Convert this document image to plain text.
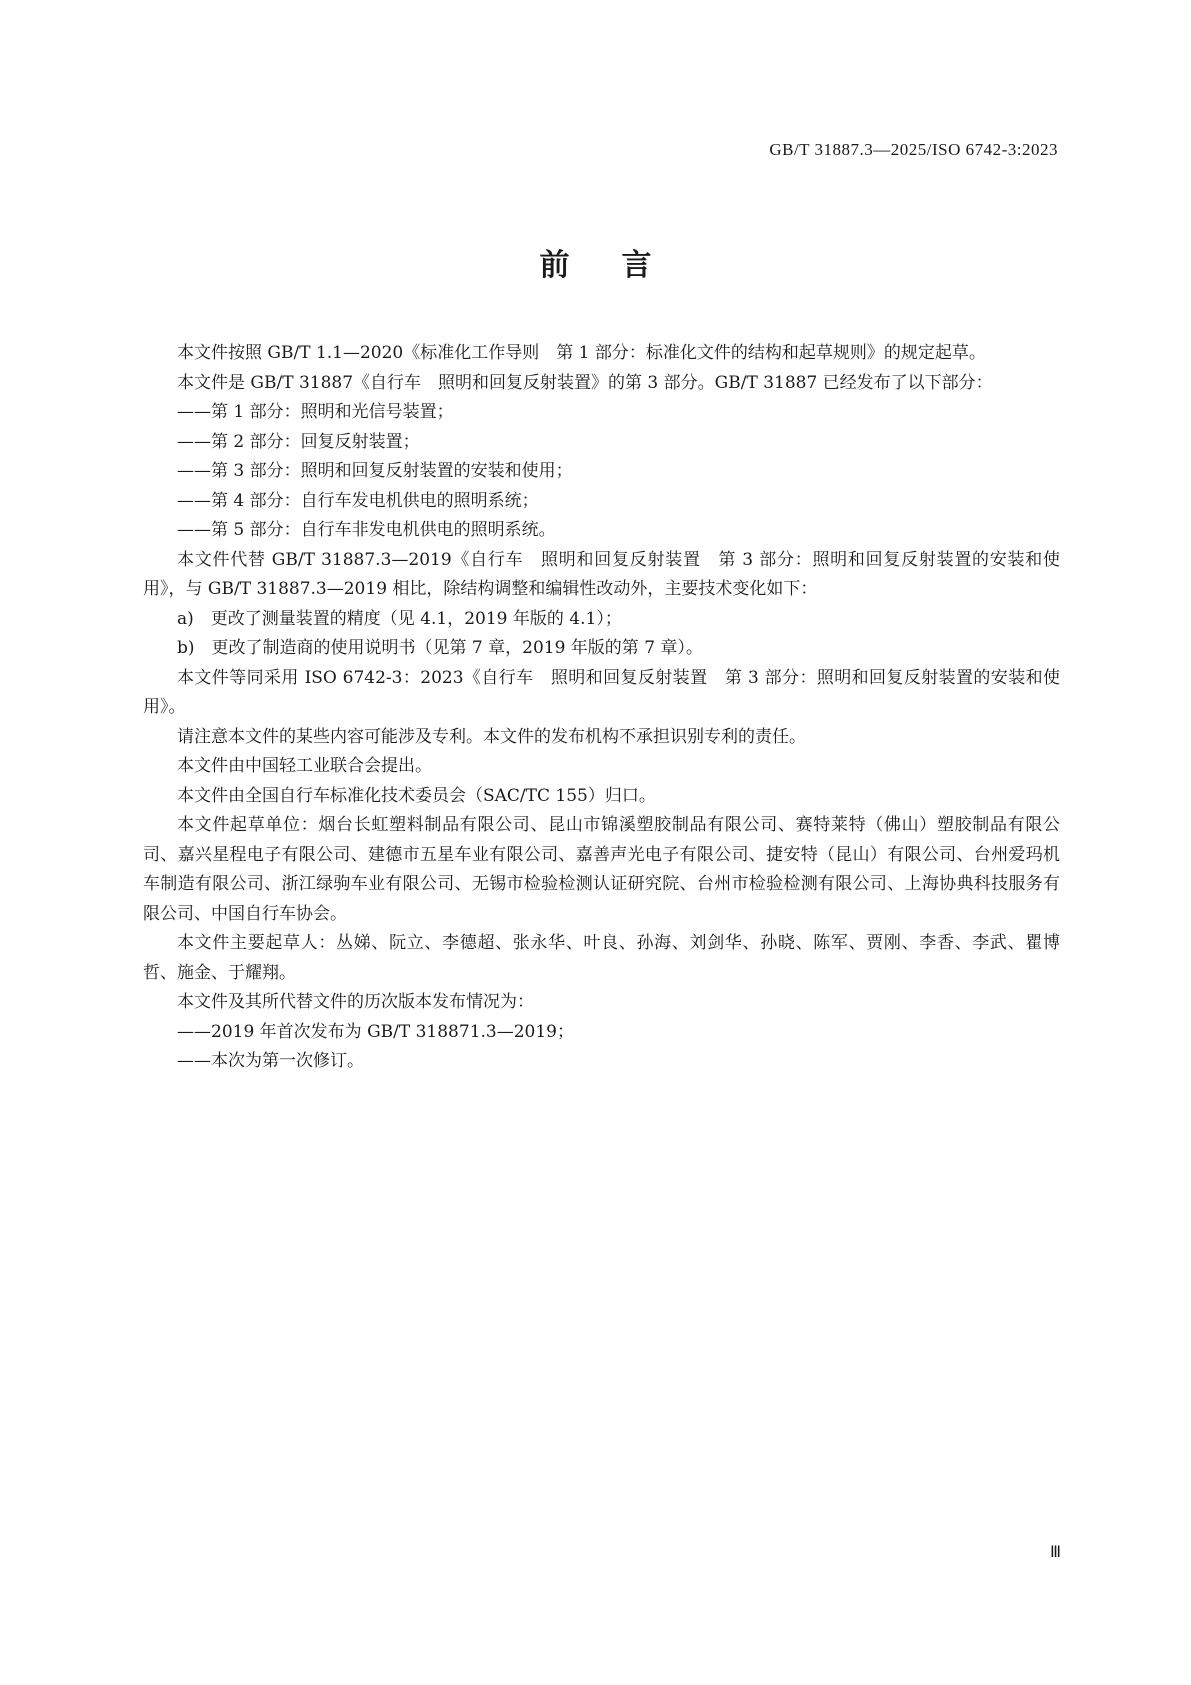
GB/T 31887.3—2025/ISO 6742-3:2023
前言

本文件按照 GB/T 1.1—2020《标准化工作导则　第 1 部分：标准化文件的结构和起草规则》的规定起草。

本文件是 GB/T 31887《自行车　照明和回复反射装置》的第 3 部分。GB/T 31887 已经发布了以下部分：

——第 1 部分：照明和光信号装置；

——第 2 部分：回复反射装置；

——第 3 部分：照明和回复反射装置的安装和使用；

——第 4 部分：自行车发电机供电的照明系统；

——第 5 部分：自行车非发电机供电的照明系统。

本文件代替 GB/T 31887.3—2019《自行车　照明和回复反射装置　第 3 部分：照明和回复反射装置的安装和使用》，与 GB/T 31887.3—2019 相比，除结构调整和编辑性改动外，主要技术变化如下：

a)　更改了测量装置的精度（见 4.1，2019 年版的 4.1）；

b)　更改了制造商的使用说明书（见第 7 章，2019 年版的第 7 章）。

本文件等同采用 ISO 6742-3：2023《自行车　照明和回复反射装置　第 3 部分：照明和回复反射装置的安装和使用》。

请注意本文件的某些内容可能涉及专利。本文件的发布机构不承担识别专利的责任。

本文件由中国轻工业联合会提出。

本文件由全国自行车标准化技术委员会（SAC/TC 155）归口。

本文件起草单位：烟台长虹塑料制品有限公司、昆山市锦溪塑胶制品有限公司、赛特莱特（佛山）塑胶制品有限公司、嘉兴星程电子有限公司、建德市五星车业有限公司、嘉善声光电子有限公司、捷安特（昆山）有限公司、台州爱玛机车制造有限公司、浙江绿驹车业有限公司、无锡市检验检测认证研究院、台州市检验检测有限公司、上海协典科技服务有限公司、中国自行车协会。

本文件主要起草人：丛娣、阮立、李德超、张永华、叶良、孙海、刘剑华、孙晓、陈军、贾刚、李香、李武、瞿博哲、施金、于耀翔。

本文件及其所代替文件的历次版本发布情况为：

——2019 年首次发布为 GB/T 318871.3—2019；

——本次为第一次修订。

Ⅲ
